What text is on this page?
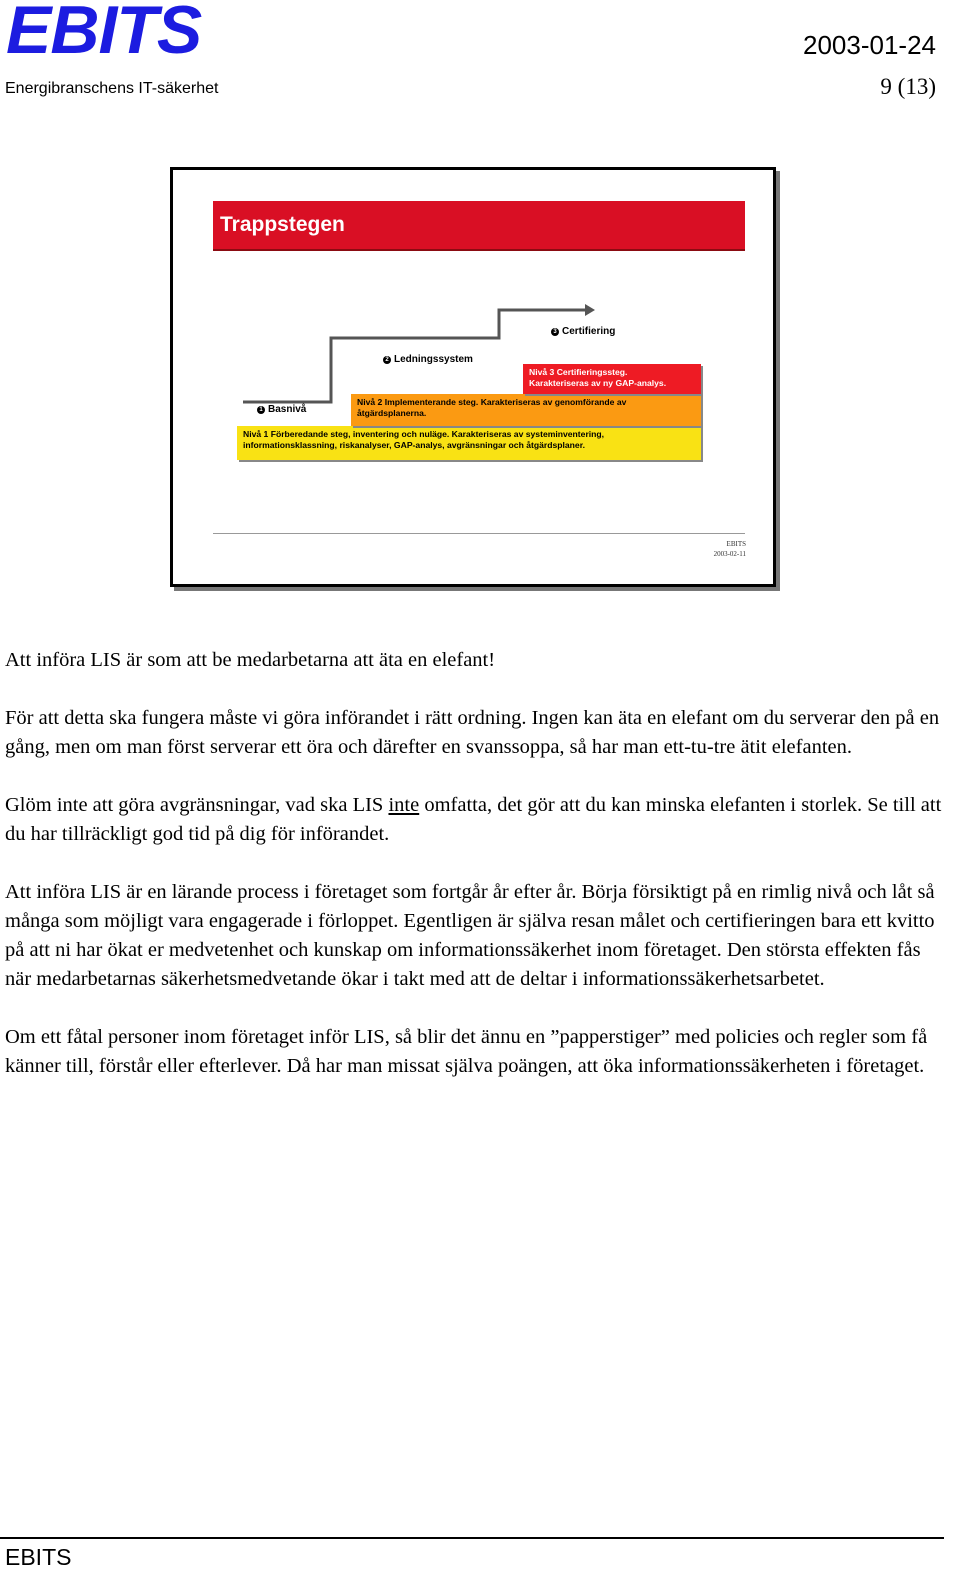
EBITS
Energibranschens IT-säkerhet
2003-01-24
9 (13)
Trappstegen
1 Basnivå
2 Ledningssystem
3 Certifiering
Nivå 1 Förberedande steg, inventering och nuläge. Karakteriseras av systeminventering,
informationsklassning, riskanalyser, GAP-analys, avgränsningar och åtgärdsplaner.
Nivå 2 Implementerande steg. Karakteriseras av genomförande av
åtgärdsplanerna.
Nivå 3 Certifieringssteg.
Karakteriseras av ny GAP-analys.
EBITS
2003-02-11

Att införa LIS är som att be medarbetarna att äta en elefant!

För att detta ska fungera måste vi göra införandet i rätt ordning. Ingen kan äta en elefant om du serverar den på en gång, men om man först serverar ett öra och därefter en svanssoppa, så har man ett-tu-tre ätit elefanten.

Glöm inte att göra avgränsningar, vad ska LIS inte omfatta, det gör att du kan minska elefanten i storlek. Se till att du har tillräckligt god tid på dig för införandet.

Att införa LIS är en lärande process i företaget som fortgår år efter år. Börja försiktigt på en rimlig nivå och låt så många som möjligt vara engagerade i förloppet. Egentligen är själva resan målet och certifieringen bara ett kvitto på att ni har ökat er medvetenhet och kunskap om informationssäkerhet inom företaget. Den största effekten fås när medarbetarnas säkerhetsmedvetande ökar i takt med att de deltar i informationssäkerhetsarbetet.

Om ett fåtal personer inom företaget inför LIS, så blir det ännu en ”papperstiger” med policies och regler som få känner till, förstår eller efterlever. Då har man missat själva poängen, att öka informationssäkerheten i företaget.

EBITS
